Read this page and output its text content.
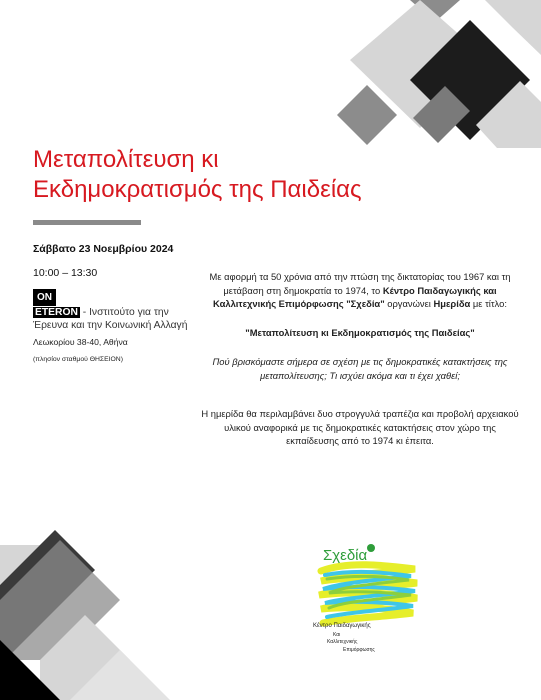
Μεταπολίτευση κι
Εκδημοκρατισμός της Παιδείας

Σάββατο 23 Νοεμβρίου 2024

10:00 – 13:30
ON
ETERON - Ινστιτούτο για την Έρευνα και την Κοινωνική Αλλαγή
Λεωκορίου 38-40, Αθήνα
(πλησίον σταθμού ΘΗΣΕΙΟΝ)

Με αφορμή τα 50 χρόνια από την πτώση της δικτατορίας του 1967 και τη μετάβαση στη δημοκρατία το 1974, το Κέντρο Παιδαγωγικής και Καλλιτεχνικής Επιμόρφωσης "Σχεδία" οργανώνει Ημερίδα με τίτλο:

"Μεταπολίτευση κι Εκδημοκρατισμός της Παιδείας"

Πού βρισκόμαστε σήμερα σε σχέση με τις δημοκρατικές κατακτήσεις της μεταπολίτευσης; Τι ισχύει ακόμα και τι έχει χαθεί;

Η ημερίδα θα περιλαμβάνει δυο στρογγυλά τραπέζια και προβολή αρχειακού υλικού αναφορικά με τις δημοκρατικές κατακτήσεις στον χώρο της εκπαίδευσης από το 1974 κι έπειτα.

Σχεδία
Κέντρο Παιδαγωγικής
Και
Καλλιτεχνικής
Επιμόρφωσης
